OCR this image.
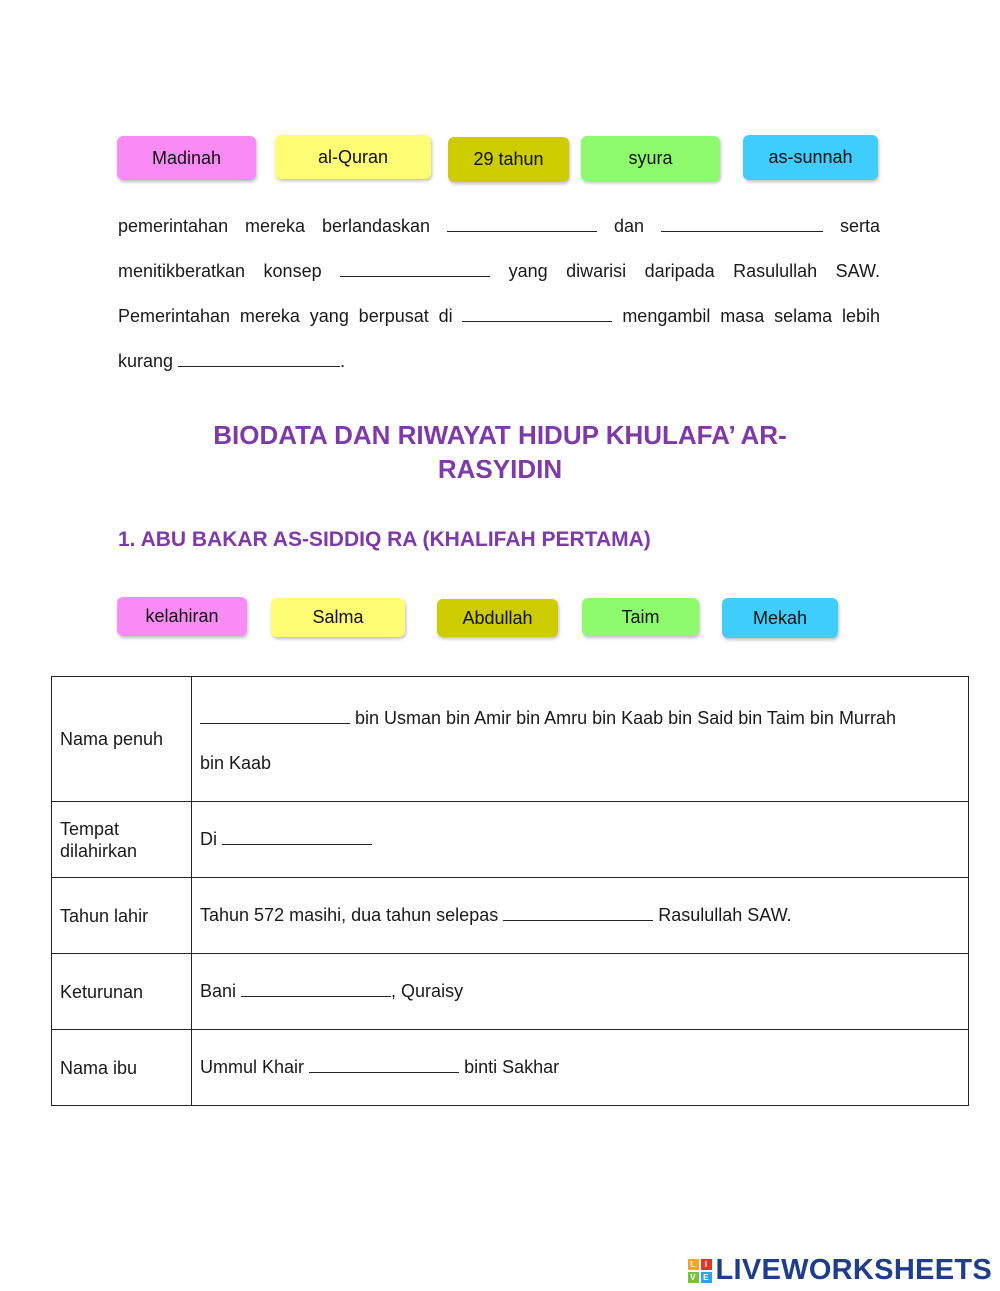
Madinah	al-Quran	29 tahun	syura	as-sunnah
pemerintahan mereka berlandaskan	dan	serta
menitikberatkan konsep	yang diwarisi daripada Rasulullah SAW.
Pemerintahan mereka yang berpusat di	mengambil masa selama lebih
kurang	.
BIODATA DAN RIWAYAT HIDUP KHULAFA’ AR-
RASYIDIN
1. ABU BAKAR AS-SIDDIQ RA (KHALIFAH PERTAMA)
kelahiran	Salma	Abdullah	Taim	Mekah
Nama penuh	bin Usman bin Amir bin Amru bin Kaab bin Said bin Taim bin Murrah
bin Kaab
Tempat dilahirkan	Di
Tahun lahir	Tahun 572 masihi, dua tahun selepas Rasulullah SAW.
Keturunan	Bani , Quraisy
Nama ibu	Ummul Khair binti Sakhar
L	I
V E LIVEWORKSHEETS
